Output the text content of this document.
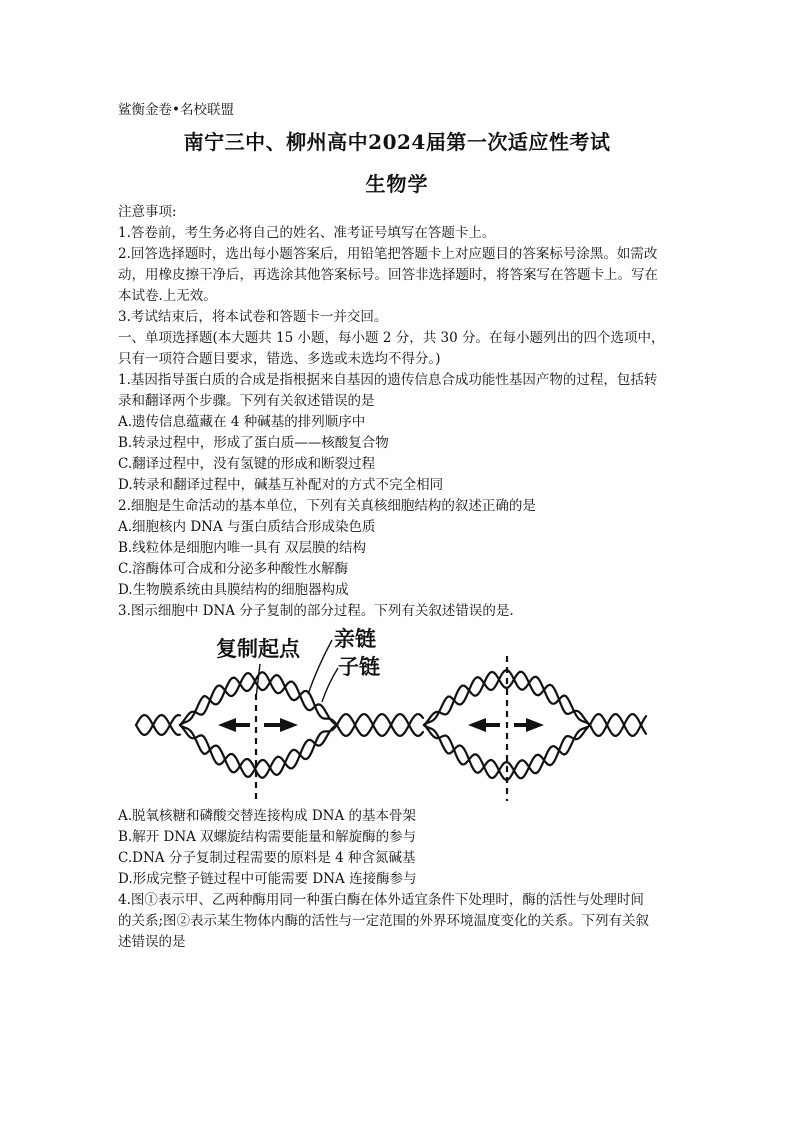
鲨衡金卷•名校联盟
南宁三中、柳州高中2024届第一次适应性考试
生物学
注意事项:
1.答卷前，考生务必将自己的姓名、准考证号填写在答题卡上。
2.回答选择题时，选出每小题答案后，用铅笔把答题卡上对应题目的答案标号涂黑。如需改
动，用橡皮擦干净后，再选涂其他答案标号。回答非选择题时，将答案写在答题卡上。写在
本试卷.上无效。
3.考试结束后，将本试卷和答题卡一并交回。
一、单项选择题(本大题共 15 小题，每小题 2 分，共 30 分。在每小题列出的四个选项中，
只有一项符合题目要求，错选、多选或未选均不得分。)
1.基因指导蛋白质的合成是指根据来自基因的遗传信息合成功能性基因产物的过程，包括转
录和翻译两个步骤。下列有关叙述错误的是
A.遗传信息蕴藏在 4 种碱基的排列顺序中
B.转录过程中，形成了蛋白质——核酸复合物
C.翻译过程中，没有氢键的形成和断裂过程
D.转录和翻译过程中，碱基互补配对的方式不完全相同
2.细胞是生命活动的基本单位，下列有关真核细胞结构的叙述正确的是
A.细胞核内 DNA 与蛋白质结合形成染色质
B.线粒体是细胞内唯一具有 双层膜的结构
C.溶酶体可合成和分泌多种酸性水解酶
D.生物膜系统由具膜结构的细胞器构成
3.图示细胞中 DNA 分子复制的部分过程。下列有关叙述错误的是.
复制起点 亲链
子链
A.脱氧核糖和磷酸交替连接构成 DNA 的基本骨架
B.解开 DNA 双螺旋结构需要能量和解旋酶的参与
C.DNA 分子复制过程需要的原料是 4 种含氮碱基
D.形成完整子链过程中可能需要 DNA 连接酶参与
4.图①表示甲、乙两种酶用同一种蛋白酶在体外适宜条件下处理时，酶的活性与处理时间
的关系;图②表示某生物体内酶的活性与一定范围的外界环境温度变化的关系。下列有关叙
述错误的是
